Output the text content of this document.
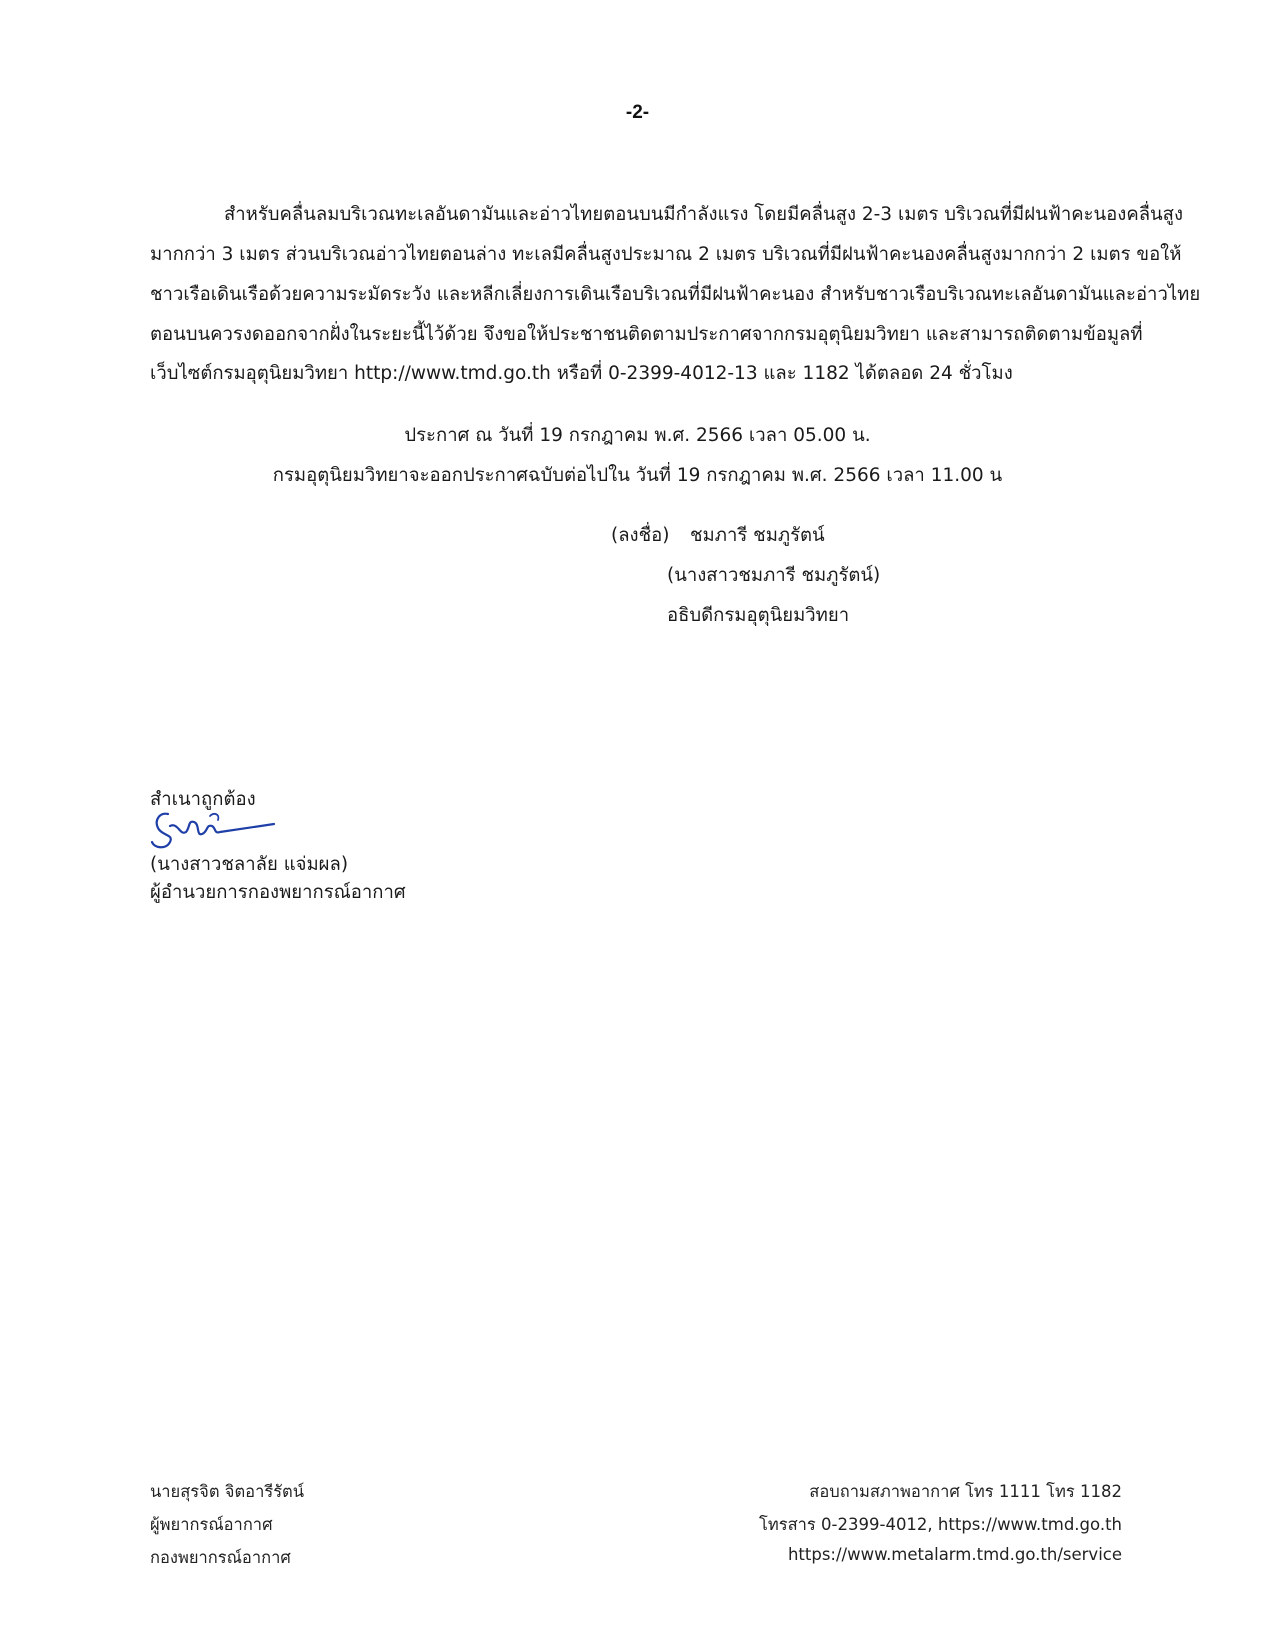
-2-
สำหรับคลื่นลมบริเวณทะเลอันดามันและอ่าวไทยตอนบนมีกำลังแรง โดยมีคลื่นสูง 2-3 เมตร บริเวณที่มีฝนฟ้าคะนองคลื่นสูง
มากกว่า 3 เมตร ส่วนบริเวณอ่าวไทยตอนล่าง ทะเลมีคลื่นสูงประมาณ 2 เมตร บริเวณที่มีฝนฟ้าคะนองคลื่นสูงมากกว่า 2 เมตร ขอให้
ชาวเรือเดินเรือด้วยความระมัดระวัง และหลีกเลี่ยงการเดินเรือบริเวณที่มีฝนฟ้าคะนอง สำหรับชาวเรือบริเวณทะเลอันดามันและอ่าวไทย
ตอนบนควรงดออกจากฝั่งในระยะนี้ไว้ด้วย จึงขอให้ประชาชนติดตามประกาศจากกรมอุตุนิยมวิทยา และสามารถติดตามข้อมูลที่
เว็บไซต์กรมอุตุนิยมวิทยา http://www.tmd.go.th หรือที่ 0-2399-4012-13 และ 1182 ได้ตลอด 24 ชั่วโมง
ประกาศ ณ วันที่ 19 กรกฎาคม พ.ศ. 2566 เวลา 05.00 น.
กรมอุตุนิยมวิทยาจะออกประกาศฉบับต่อไปใน วันที่ 19 กรกฎาคม พ.ศ. 2566 เวลา 11.00 น
(ลงชื่อ) ชมภารี ชมภูรัตน์
(นางสาวชมภารี ชมภูรัตน์)
อธิบดีกรมอุตุนิยมวิทยา
สำเนาถูกต้อง
(นางสาวชลาลัย แจ่มผล)
ผู้อำนวยการกองพยากรณ์อากาศ
นายสุรจิต จิตอารีรัตน์
ผู้พยากรณ์อากาศ
กองพยากรณ์อากาศ
สอบถามสภาพอากาศ โทร 1111 โทร 1182
โทรสาร 0-2399-4012, https://www.tmd.go.th
https://www.metalarm.tmd.go.th/service
